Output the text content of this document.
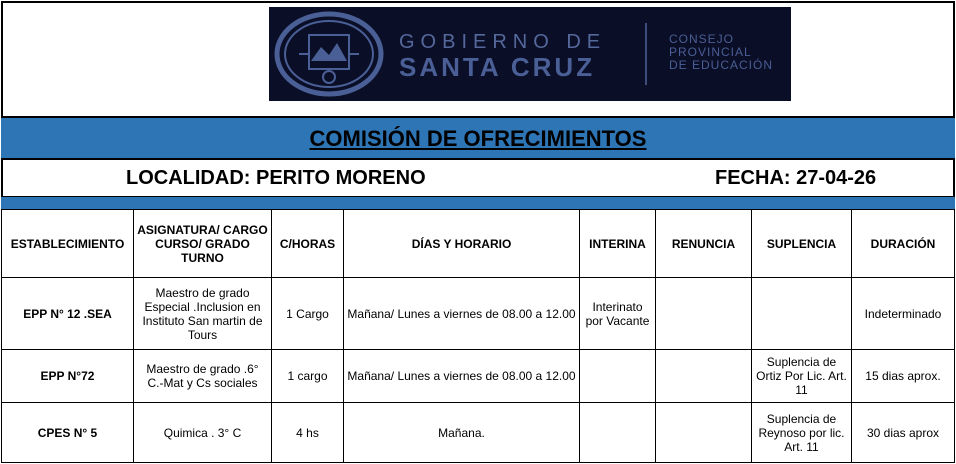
GOBIERNO DE
SANTA CRUZ
CONSEJO
PROVINCIAL
DE EDUCACIÓN
COMISIÓN DE OFRECIMIENTOS
LOCALIDAD: PERITO MORENO	FECHA: 27-04-26
ESTABLECIMIENTO	ASIGNATURA/ CARGO CURSO/ GRADO TURNO	C/HORAS	DÍAS Y HORARIO	INTERINA	RENUNCIA	SUPLENCIA	DURACIÓN
EPP N° 12 .SEA	Maestro de grado Especial .Inclusion en Instituto San martin de Tours	1 Cargo	Mañana/ Lunes a viernes de 08.00 a 12.00	Interinato por Vacante			Indeterminado
EPP N°72	Maestro de grado .6° C.-Mat y Cs sociales	1 cargo	Mañana/ Lunes a viernes de 08.00 a 12.00			Suplencia de Ortiz Por Lic. Art. 11	15 dias aprox.
CPES N° 5	Quimica . 3° C	4 hs	Mañana.			Suplencia de Reynoso por lic. Art. 11	30 dias aprox
